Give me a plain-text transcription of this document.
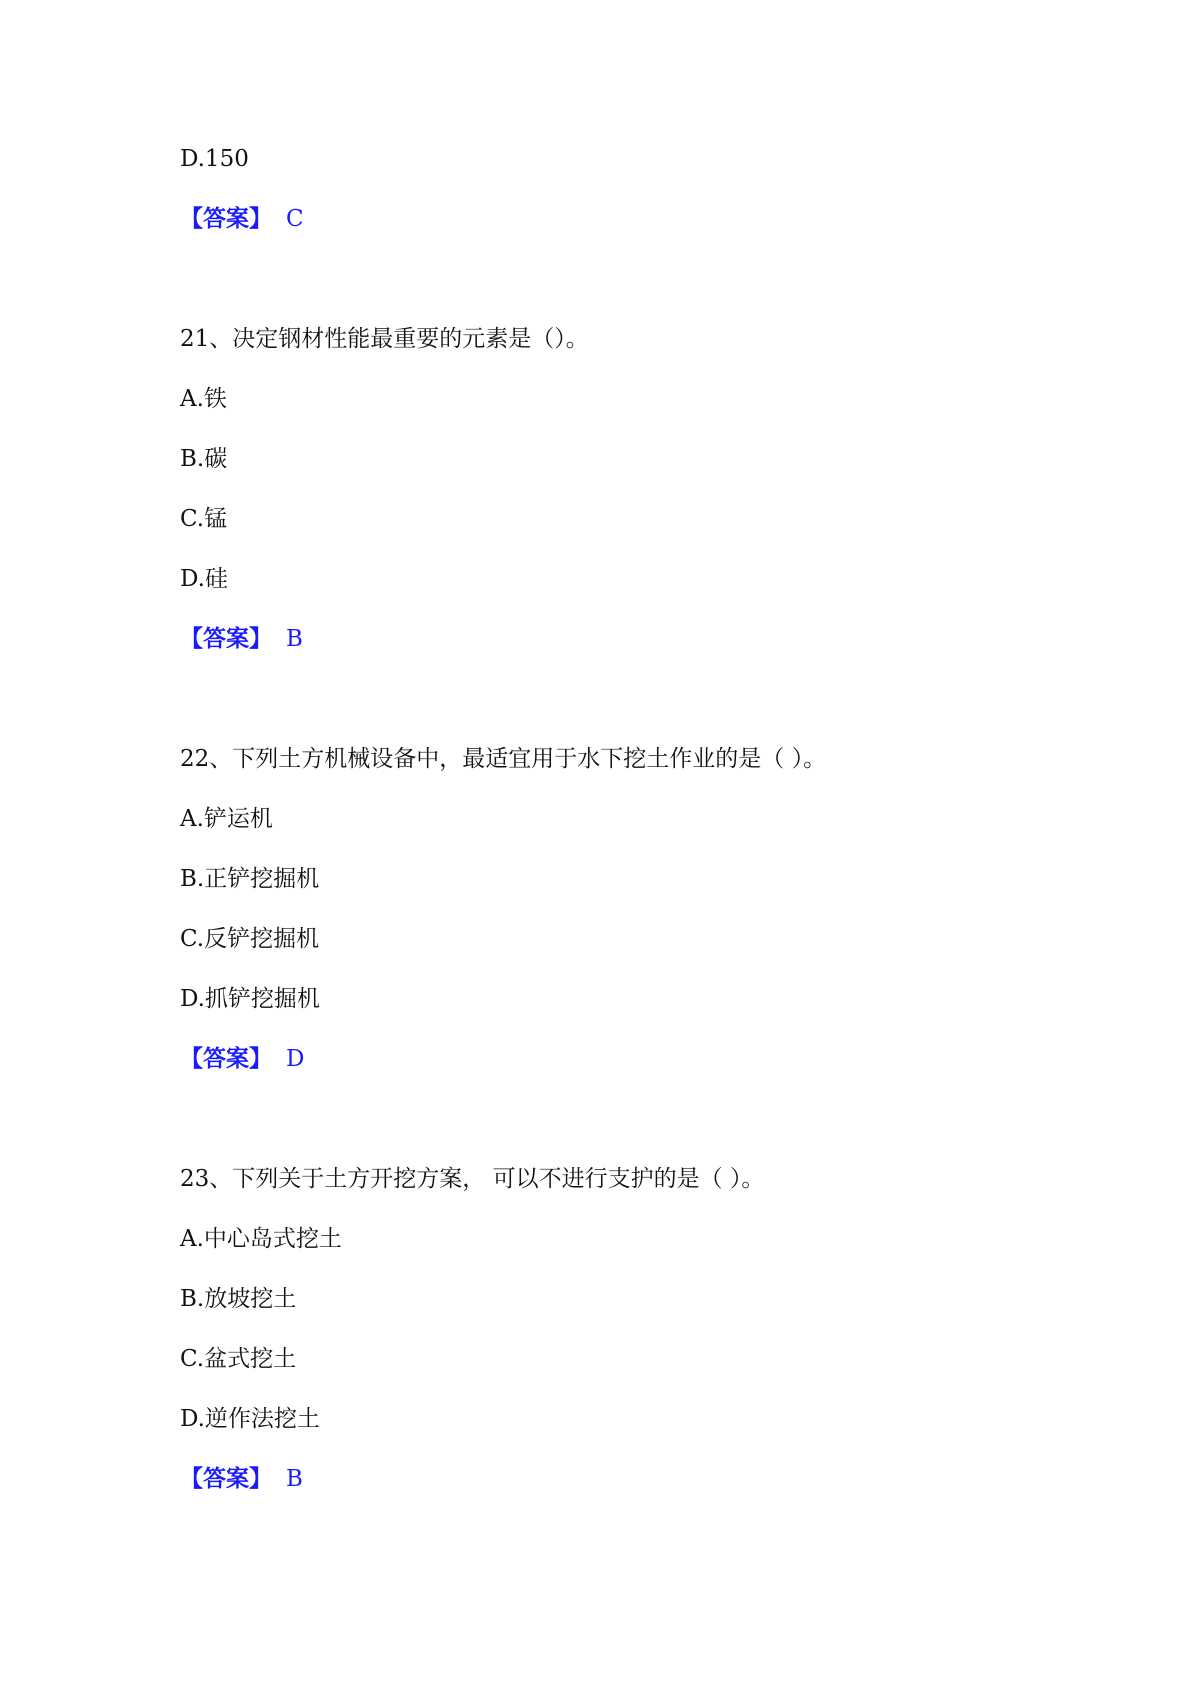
D.150
【答案】 C
21、决定钢材性能最重要的元素是（）。
A.铁
B.碳
C.锰
D.硅
【答案】 B
22、下列土方机械设备中，最适宜用于水下挖土作业的是（ ）。
A.铲运机
B.正铲挖掘机
C.反铲挖掘机
D.抓铲挖掘机
【答案】 D
23、下列关于土方开挖方案， 可以不进行支护的是（ ）。
A.中心岛式挖土
B.放坡挖土
C.盆式挖土
D.逆作法挖土
【答案】 B
